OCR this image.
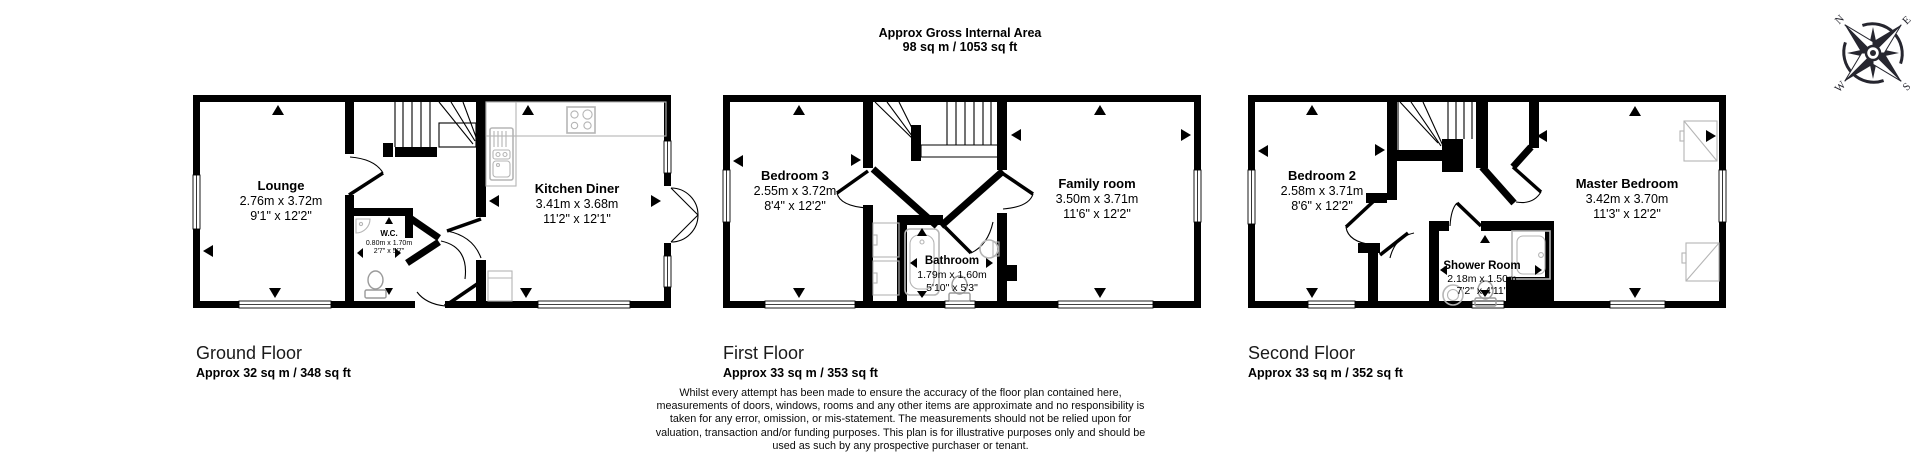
Approx Gross Internal Area
98 sq m / 1053 sq ft
N	E
S
W
Lounge
2.76m x 3.72m
9'1" x 12'2"
Kitchen Diner
3.41m x 3.68m
11'2" x 12'1"
W.C.
0.80m x 1.70m
2'7" x 5'7"
Bedroom 3
2.55m x 3.72m
8'4" x 12'2"
Family room
3.50m x 3.71m
11'6" x 12'2"
Bathroom
1.79m x 1.60m
5'10" x 5'3"
Bedroom 2
2.58m x 3.71m
8'6" x 12'2"
Master Bedroom
3.42m x 3.70m
11'3" x 12'2"
Shower Room
2.18m x 1.50m
7'2" x 4'11"
Ground Floor
Approx 32 sq m / 348 sq ft
First Floor
Approx 33 sq m / 353 sq ft
Second Floor
Approx 33 sq m / 352 sq ft
Whilst every attempt has been made to ensure the accuracy of the floor plan contained here, measurements of doors, windows, rooms and any other items are approximate and no responsibility is taken for any error, omission, or mis-statement. The measurements should not be relied upon for valuation, transaction and/or funding purposes. This plan is for illustrative purposes only and should be used as such by any prospective purchaser or tenant.
